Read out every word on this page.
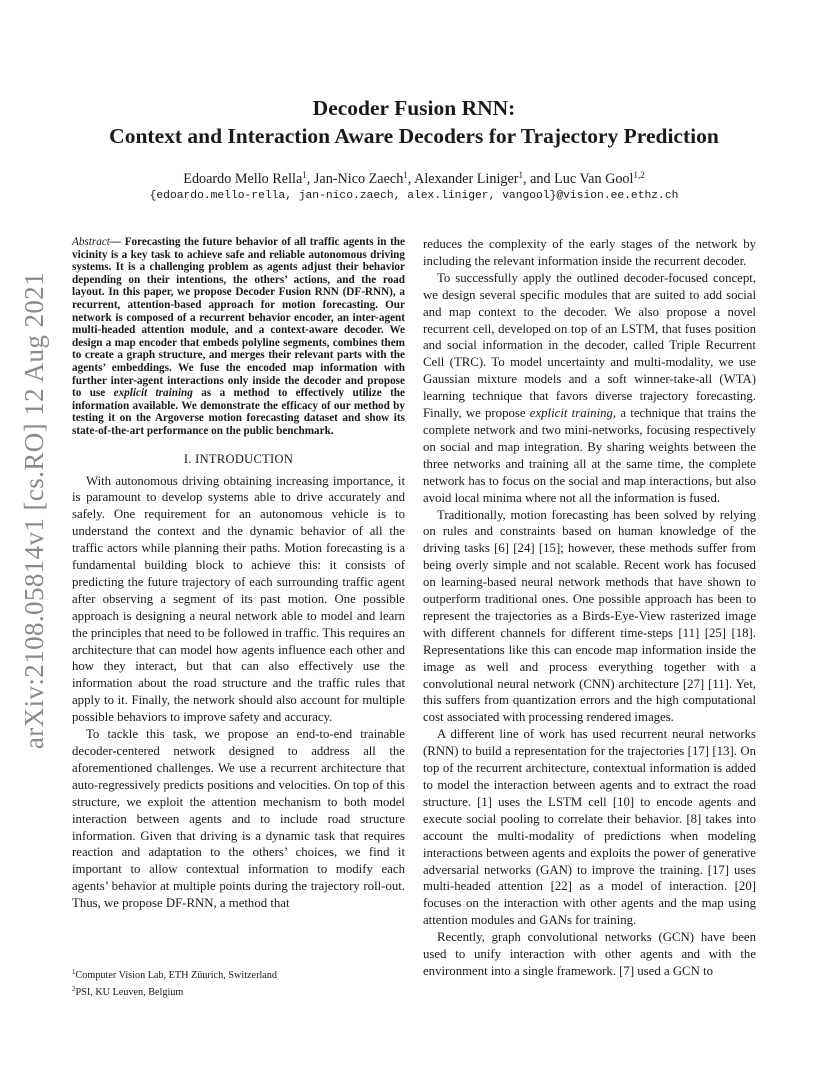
arXiv:2108.05814v1 [cs.RO] 12 Aug 2021
Decoder Fusion RNN:
Context and Interaction Aware Decoders for Trajectory Prediction
Edoardo Mello Rella$^1$, Jan-Nico Zaech$^1$, Alexander Liniger$^1$, and Luc Van Gool$^{1,2}$
{edoardo.mello-rella, jan-nico.zaech, alex.liniger, vangool}@vision.ee.ethz.ch

Abstract— Forecasting the future behavior of all traffic agents in the vicinity is a key task to achieve safe and reliable autonomous driving systems. It is a challenging problem as agents adjust their behavior depending on their intentions, the others’ actions, and the road layout. In this paper, we propose Decoder Fusion RNN (DF-RNN), a recurrent, attention-based approach for motion forecasting. Our network is composed of a recurrent behavior encoder, an inter-agent multi-headed attention module, and a context-aware decoder. We design a map encoder that embeds polyline segments, combines them to create a graph structure, and merges their relevant parts with the agents’ embeddings. We fuse the encoded map information with further inter-agent interactions only inside the decoder and propose to use explicit training as a method to effectively utilize the information available. We demonstrate the efficacy of our method by testing it on the Argoverse motion forecasting dataset and show its state-of-the-art performance on the public benchmark.

I. INTRODUCTION

With autonomous driving obtaining increasing importance, it is paramount to develop systems able to drive accurately and safely. One requirement for an autonomous vehicle is to understand the context and the dynamic behavior of all the traffic actors while planning their paths. Motion forecasting is a fundamental building block to achieve this: it consists of predicting the future trajectory of each surrounding traffic agent after observing a segment of its past motion. One possible approach is designing a neural network able to model and learn the principles that need to be followed in traffic. This requires an architecture that can model how agents influence each other and how they interact, but that can also effectively use the information about the road structure and the traffic rules that apply to it. Finally, the network should also account for multiple possible behaviors to improve safety and accuracy.

To tackle this task, we propose an end-to-end trainable decoder-centered network designed to address all the aforementioned challenges. We use a recurrent architecture that auto-regressively predicts positions and velocities. On top of this structure, we exploit the attention mechanism to both model interaction between agents and to include road structure information. Given that driving is a dynamic task that requires reaction and adaptation to the others’ choices, we find it important to allow contextual information to modify each agents’ behavior at multiple points during the trajectory roll-out. Thus, we propose DF-RNN, a method that

reduces the complexity of the early stages of the network by including the relevant information inside the recurrent decoder.

To successfully apply the outlined decoder-focused concept, we design several specific modules that are suited to add social and map context to the decoder. We also propose a novel recurrent cell, developed on top of an LSTM, that fuses position and social information in the decoder, called Triple Recurrent Cell (TRC). To model uncertainty and multi-modality, we use Gaussian mixture models and a soft winner-take-all (WTA) learning technique that favors diverse trajectory forecasting. Finally, we propose explicit training, a technique that trains the complete network and two mini-networks, focusing respectively on social and map integration. By sharing weights between the three networks and training all at the same time, the complete network has to focus on the social and map interactions, but also avoid local minima where not all the information is fused.

Traditionally, motion forecasting has been solved by relying on rules and constraints based on human knowledge of the driving tasks [6] [24] [15]; however, these methods suffer from being overly simple and not scalable. Recent work has focused on learning-based neural network methods that have shown to outperform traditional ones. One possible approach has been to represent the trajectories as a Birds-Eye-View rasterized image with different channels for different time-steps [11] [25] [18]. Representations like this can encode map information inside the image as well and process everything together with a convolutional neural network (CNN) architecture [27] [11]. Yet, this suffers from quantization errors and the high computational cost associated with processing rendered images.

A different line of work has used recurrent neural networks (RNN) to build a representation for the trajectories [17] [13]. On top of the recurrent architecture, contextual information is added to model the interaction between agents and to extract the road structure. [1] uses the LSTM cell [10] to encode agents and execute social pooling to correlate their behavior. [8] takes into account the multi-modality of predictions when modeling interactions between agents and exploits the power of generative adversarial networks (GAN) to improve the training. [17] uses multi-headed attention [22] as a model of interaction. [20] focuses on the interaction with other agents and the map using attention modules and GANs for training.

Recently, graph convolutional networks (GCN) have been used to unify interaction with other agents and with the environment into a single framework. [7] used a GCN to

$^1$Computer Vision Lab, ETH Züurich, Switzerland
$^2$PSI, KU Leuven, Belgium
